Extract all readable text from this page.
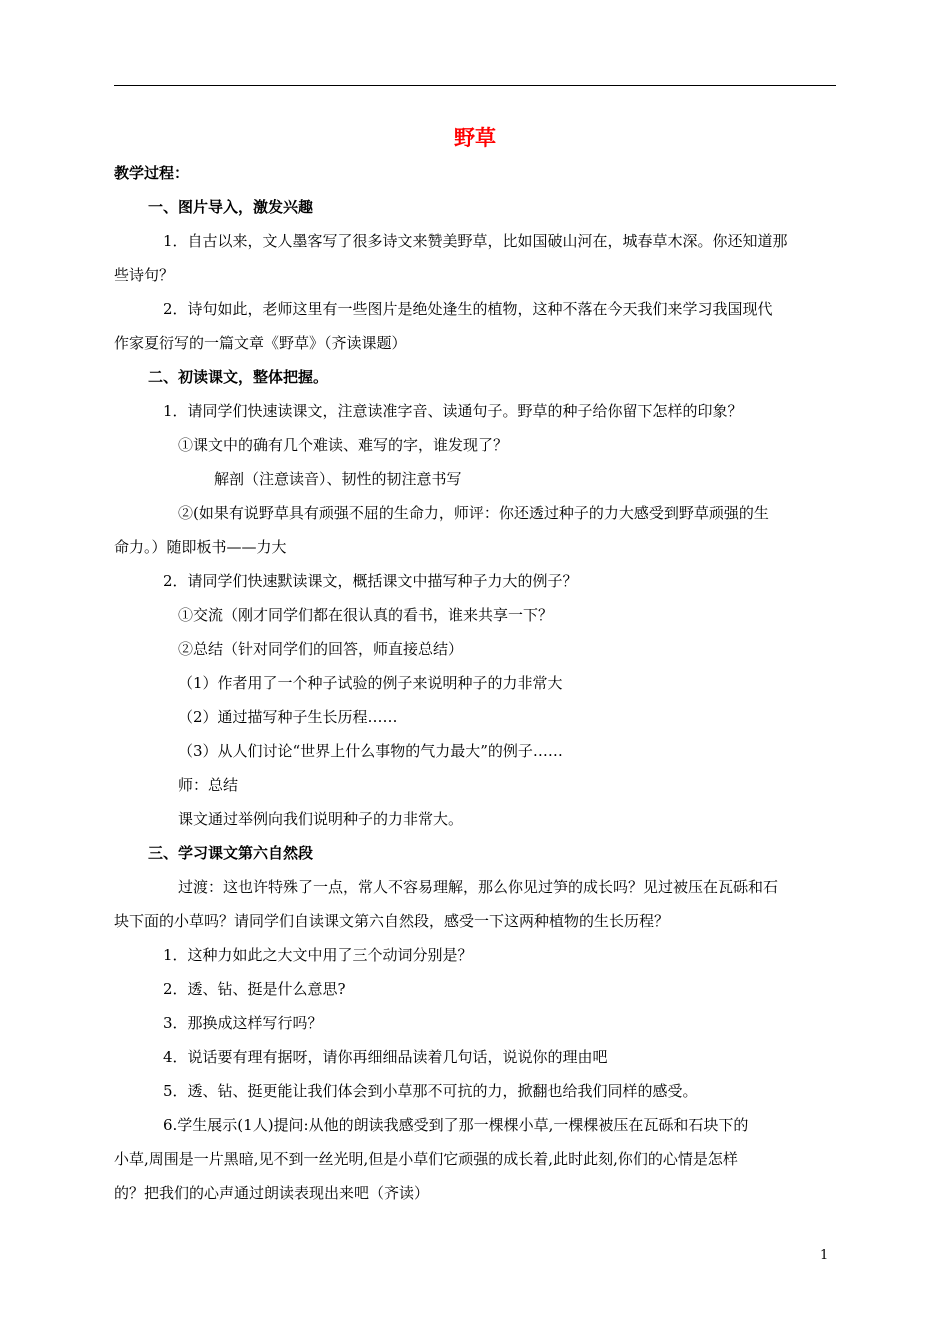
野草
教学过程：
一、图片导入，激发兴趣
1．自古以来，文人墨客写了很多诗文来赞美野草，比如国破山河在，城春草木深。你还知道那
些诗句？
2．诗句如此，老师这里有一些图片是绝处逢生的植物，这种不落在今天我们来学习我国现代
作家夏衍写的一篇文章《野草》（齐读课题）
二、初读课文，整体把握。
1．请同学们快速读课文，注意读准字音、读通句子。野草的种子给你留下怎样的印象？
①课文中的确有几个难读、难写的字，谁发现了？
解剖（注意读音）、韧性的韧注意书写
②(如果有说野草具有顽强不屈的生命力，师评：你还透过种子的力大感受到野草顽强的生
命力。）随即板书——力大
2．请同学们快速默读课文，概括课文中描写种子力大的例子？
①交流（刚才同学们都在很认真的看书，谁来共享一下？
②总结（针对同学们的回答，师直接总结）
（1）作者用了一个种子试验的例子来说明种子的力非常大
（2）通过描写种子生长历程……
（3）从人们讨论“世界上什么事物的气力最大”的例子……
师：总结
课文通过举例向我们说明种子的力非常大。
三、学习课文第六自然段
过渡：这也许特殊了一点，常人不容易理解，那么你见过笋的成长吗？见过被压在瓦砾和石
块下面的小草吗？请同学们自读课文第六自然段，感受一下这两种植物的生长历程？
1．这种力如此之大文中用了三个动词分别是？
2．透、钻、挺是什么意思?
3．那换成这样写行吗？
4．说话要有理有据呀，请你再细细品读着几句话，说说你的理由吧
5．透、钻、挺更能让我们体会到小草那不可抗的力，掀翻也给我们同样的感受。
6.学生展示(1人)提问:从他的朗读我感受到了那一棵棵小草,一棵棵被压在瓦砾和石块下的
小草,周围是一片黑暗,见不到一丝光明,但是小草们它顽强的成长着,此时此刻,你们的心情是怎样
的？把我们的心声通过朗读表现出来吧（齐读）
1
